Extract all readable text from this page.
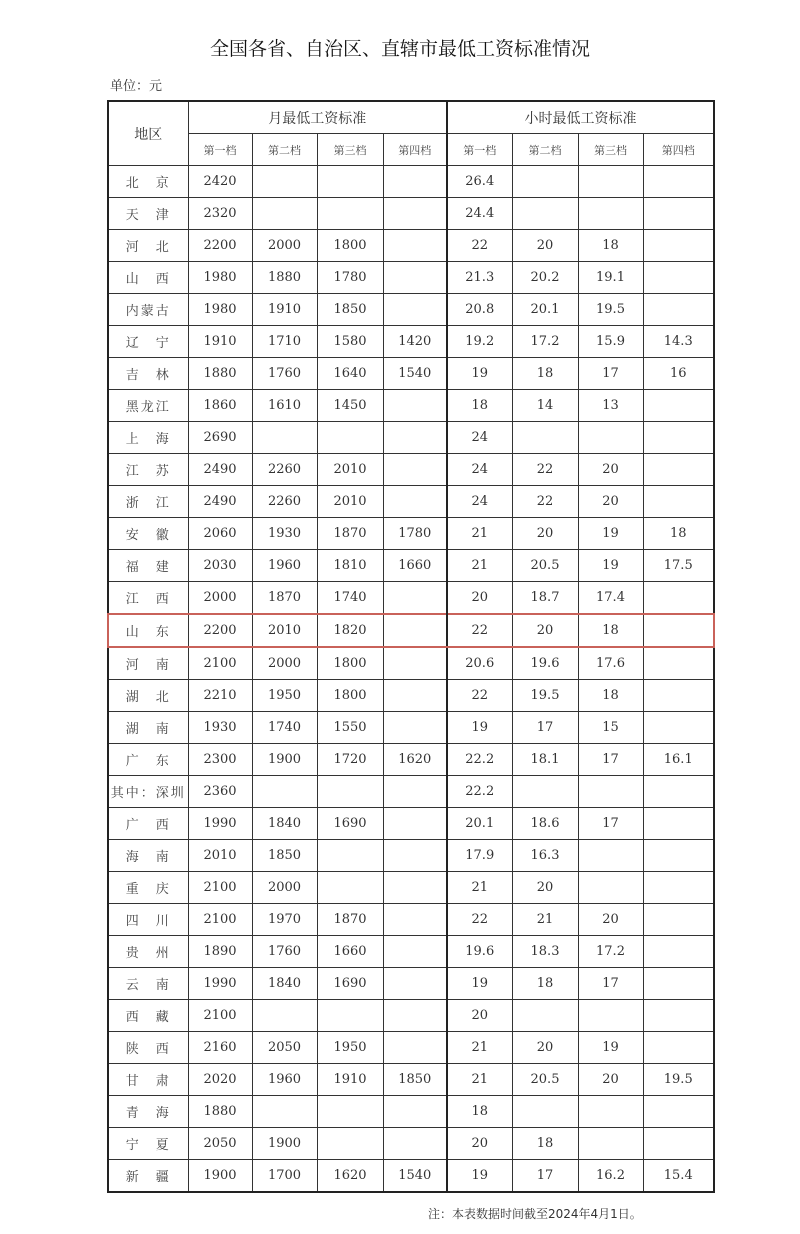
全国各省、自治区、直辖市最低工资标准情况
单位：元
地区	月最低工资标准				小时最低工资标准			
	第一档	第二档	第三档	第四档	第一档	第二档	第三档	第四档
北　京	2420				26.4			
天　津	2320				24.4			
河　北	2200	2000	1800		22	20	18	
山　西	1980	1880	1780		21.3	20.2	19.1	
内蒙古	1980	1910	1850		20.8	20.1	19.5	
辽　宁	1910	1710	1580	1420	19.2	17.2	15.9	14.3
吉　林	1880	1760	1640	1540	19	18	17	16
黑龙江	1860	1610	1450		18	14	13	
上　海	2690				24			
江　苏	2490	2260	2010		24	22	20	
浙　江	2490	2260	2010		24	22	20	
安　徽	2060	1930	1870	1780	21	20	19	18
福　建	2030	1960	1810	1660	21	20.5	19	17.5
江　西	2000	1870	1740		20	18.7	17.4	
山　东	2200	2010	1820		22	20	18	
河　南	2100	2000	1800		20.6	19.6	17.6	
湖　北	2210	1950	1800		22	19.5	18	
湖　南	1930	1740	1550		19	17	15	
广　东	2300	1900	1720	1620	22.2	18.1	17	16.1
其中：深圳	2360				22.2			
广　西	1990	1840	1690		20.1	18.6	17	
海　南	2010	1850			17.9	16.3		
重　庆	2100	2000			21	20		
四　川	2100	1970	1870		22	21	20	
贵　州	1890	1760	1660		19.6	18.3	17.2	
云　南	1990	1840	1690		19	18	17	
西　藏	2100				20			
陕　西	2160	2050	1950		21	20	19	
甘　肃	2020	1960	1910	1850	21	20.5	20	19.5
青　海	1880				18			
宁　夏	2050	1900			20	18		
新　疆	1900	1700	1620	1540	19	17	16.2	15.4
注：本表数据时间截至2024年4月1日。
